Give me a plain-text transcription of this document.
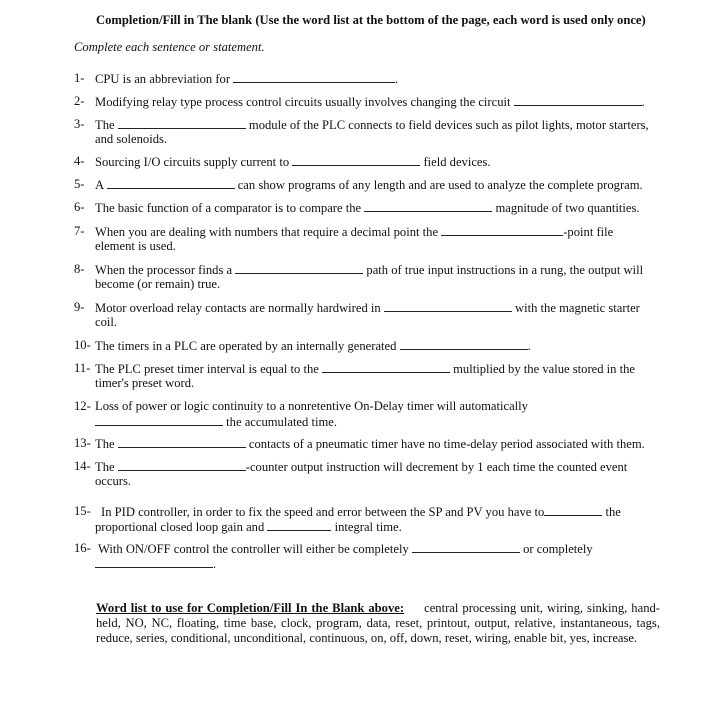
Completion/Fill in The blank (Use the word list at the bottom of the page, each word is used only once)
Complete each sentence or statement.
1- CPU is an abbreviation for	.
2- Modifying relay type process control circuits usually involves changing the circuit	.
3- The	module of the PLC connects to field devices such as pilot lights, motor starters,
and solenoids.
4- Sourcing I/O circuits supply current to	field devices.
5- A	can show programs of any length and are used to analyze the complete program.
6- The basic function of a comparator is to compare the	magnitude of two quantities.
7- When you are dealing with numbers that require a decimal point the	-point file
element is used.
8- When the processor finds a	path of true input instructions in a rung, the output will
become (or remain) true.
9- Motor overload relay contacts are normally hardwired in	with the magnetic starter
coil.
10- The timers in a PLC are operated by an internally generated	.
11- The PLC preset timer interval is equal to the	multiplied by the value stored in the
timer's preset word.
12- Loss of power or logic continuity to a nonretentive On-Delay timer will automatically
the accumulated time.
13- The	contacts of a pneumatic timer have no time-delay period associated with them.
14- The	-counter output instruction will decrement by 1 each time the counted event
occurs.
15- In PID controller, in order to fix the speed and error between the SP and PV you have to	the
proportional closed loop gain and	integral time.
16- With ON/OFF control the controller will either be completely	or completely
.
Word list to use for Completion/Fill In the Blank above: central processing unit, wiring, sinking, hand-held, NO, NC, floating, time base, clock, program, data, reset, printout, output, relative, instantaneous, tags, reduce, series, conditional, unconditional, continuous, on, off, down, reset, wiring, enable bit, yes, increase.
